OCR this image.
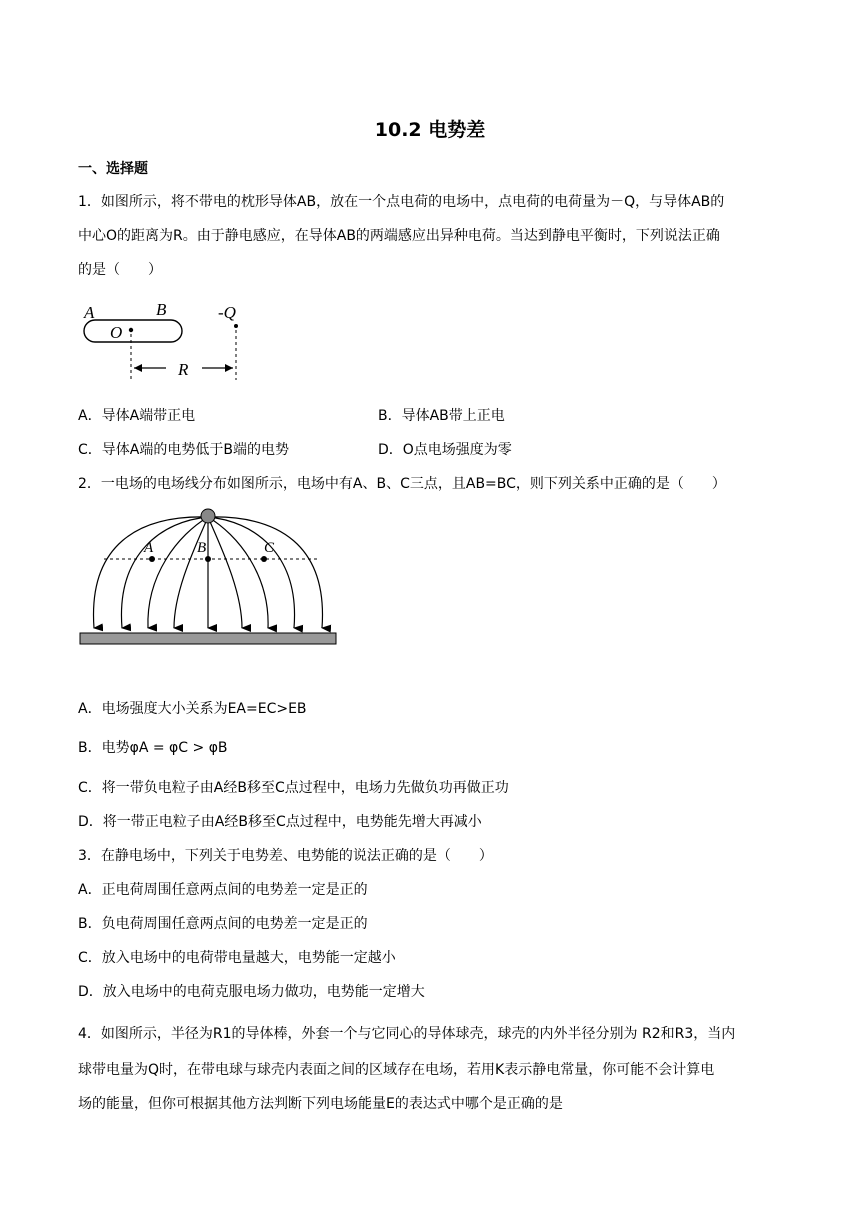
10.2 电势差
一、选择题
1．如图所示，将不带电的枕形导体AB，放在一个点电荷的电场中，点电荷的电荷量为－Q，与导体AB的
中心O的距离为R。由于静电感应，在导体AB的两端感应出异种电荷。当达到静电平衡时，下列说法正确
的是（　　）
A	B
O
-Q
R
A．导体A端带正电	B．导体AB带上正电
C．导体A端的电势低于B端的电势	D．O点电场强度为零
2．一电场的电场线分布如图所示，电场中有A、B、C三点，且AB=BC，则下列关系中正确的是（　　）
A	B	C
A．电场强度大小关系为EA=EC>EB
B．电势φA = φC > φB
C．将一带负电粒子由A经B移至C点过程中，电场力先做负功再做正功
D．将一带正电粒子由A经B移至C点过程中，电势能先增大再减小
3．在静电场中，下列关于电势差、电势能的说法正确的是（　　）
A．正电荷周围任意两点间的电势差一定是正的
B．负电荷周围任意两点间的电势差一定是正的
C．放入电场中的电荷带电量越大，电势能一定越小
D．放入电场中的电荷克服电场力做功，电势能一定增大
4．如图所示，半径为R1的导体棒，外套一个与它同心的导体球壳，球壳的内外半径分别为 R2和R3，当内
球带电量为Q时，在带电球与球壳内表面之间的区域存在电场，若用K表示静电常量，你可能不会计算电
场的能量，但你可根据其他方法判断下列电场能量E的表达式中哪个是正确的是
